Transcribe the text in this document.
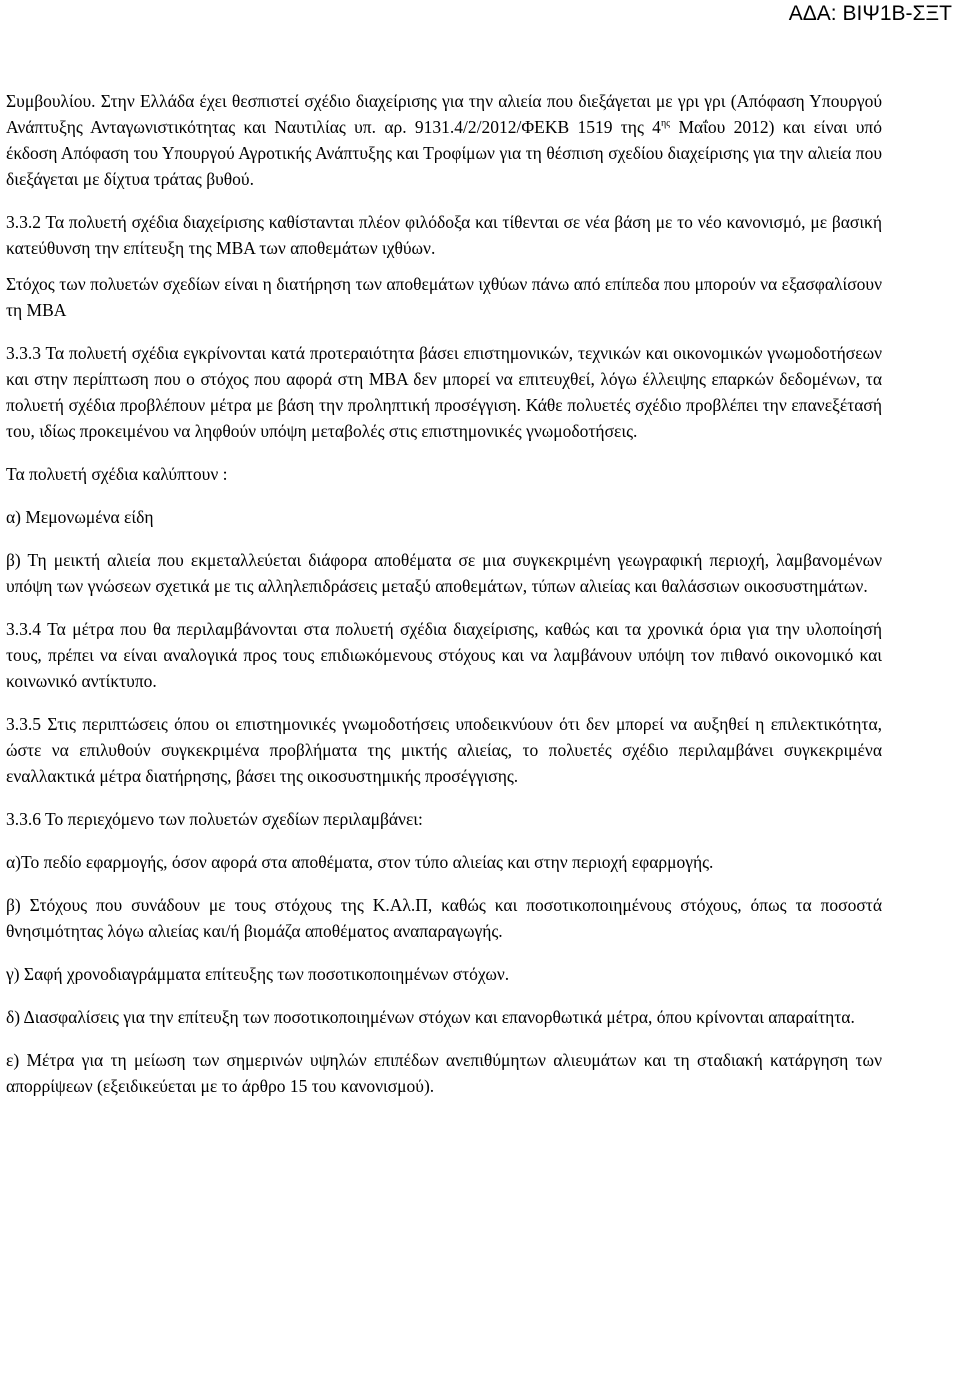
ΑΔΑ: ΒΙΨ1Β-ΣΞΤ

Συμβουλίου. Στην Ελλάδα έχει θεσπιστεί σχέδιο διαχείρισης για την αλιεία που διεξάγεται με γρι γρι (Απόφαση Υπουργού Ανάπτυξης Ανταγωνιστικότητας και Ναυτιλίας υπ. αρ. 9131.4/2/2012/ΦΕΚΒ 1519 της $4^{\eta\varsigma}$ Μαΐου 2012) και είναι υπό έκδοση Απόφαση του Υπουργού Αγροτικής Ανάπτυξης και Τροφίμων για τη θέσπιση σχεδίου διαχείρισης για την αλιεία που διεξάγεται με δίχτυα τράτας βυθού.

3.3.2 Τα πολυετή σχέδια διαχείρισης καθίστανται πλέον φιλόδοξα και τίθενται σε νέα βάση με το νέο κανονισμό, με βασική κατεύθυνση την επίτευξη της ΜΒΑ των αποθεμάτων ιχθύων.

Στόχος των πολυετών σχεδίων είναι η διατήρηση των αποθεμάτων ιχθύων πάνω από επίπεδα που μπορούν να εξασφαλίσουν τη ΜΒΑ

3.3.3 Τα πολυετή σχέδια εγκρίνονται κατά προτεραιότητα βάσει επιστημονικών, τεχνικών και οικονομικών γνωμοδοτήσεων και στην περίπτωση που ο στόχος που αφορά στη ΜΒΑ δεν μπορεί να επιτευχθεί, λόγω έλλειψης επαρκών δεδομένων, τα πολυετή σχέδια προβλέπουν μέτρα με βάση την προληπτική προσέγγιση. Κάθε πολυετές σχέδιο προβλέπει την επανεξέτασή του, ιδίως προκειμένου να ληφθούν υπόψη μεταβολές στις επιστημονικές γνωμοδοτήσεις.

Τα πολυετή σχέδια καλύπτουν :

α) Μεμονωμένα είδη

β) Τη μεικτή αλιεία που εκμεταλλεύεται διάφορα αποθέματα σε μια συγκεκριμένη γεωγραφική περιοχή, λαμβανομένων υπόψη των γνώσεων σχετικά με τις αλληλεπιδράσεις μεταξύ αποθεμάτων, τύπων αλιείας και θαλάσσιων οικοσυστημάτων.

3.3.4 Τα μέτρα που θα περιλαμβάνονται στα πολυετή σχέδια διαχείρισης, καθώς και τα χρονικά όρια για την υλοποίησή τους, πρέπει να είναι αναλογικά προς τους επιδιωκόμενους στόχους και να λαμβάνουν υπόψη τον πιθανό οικονομικό και κοινωνικό αντίκτυπο.

3.3.5 Στις περιπτώσεις όπου οι επιστημονικές γνωμοδοτήσεις υποδεικνύουν ότι δεν μπορεί να αυξηθεί η επιλεκτικότητα, ώστε να επιλυθούν συγκεκριμένα προβλήματα της μικτής αλιείας, το πολυετές σχέδιο περιλαμβάνει συγκεκριμένα εναλλακτικά μέτρα διατήρησης, βάσει της οικοσυστημικής προσέγγισης.

3.3.6 Το περιεχόμενο των πολυετών σχεδίων περιλαμβάνει:

α)Το πεδίο εφαρμογής, όσον αφορά στα αποθέματα, στον τύπο αλιείας και στην περιοχή εφαρμογής.

β) Στόχους που συνάδουν με τους στόχους της Κ.Αλ.Π, καθώς και ποσοτικοποιημένους στόχους, όπως τα ποσοστά θνησιμότητας λόγω αλιείας και/ή βιομάζα αποθέματος αναπαραγωγής.

γ) Σαφή χρονοδιαγράμματα επίτευξης των ποσοτικοποιημένων στόχων.

δ) Διασφαλίσεις για την επίτευξη των ποσοτικοποιημένων στόχων και επανορθωτικά μέτρα, όπου κρίνονται απαραίτητα.

ε) Μέτρα για τη μείωση των σημερινών υψηλών επιπέδων ανεπιθύμητων αλιευμάτων και τη σταδιακή κατάργηση των απορρίψεων (εξειδικεύεται με το άρθρο 15 του κανονισμού).
